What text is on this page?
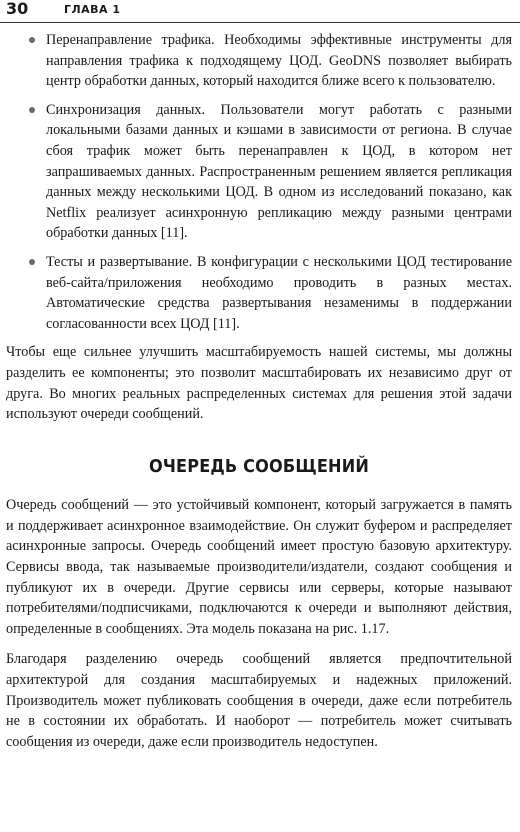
30	ГЛАВА 1
Перенаправление трафика. Необходимы эффективные инструменты для направления трафика к подходящему ЦОД. GeoDNS позволяет выбирать центр обработки данных, который находится ближе всего к пользователю.
Синхронизация данных. Пользователи могут работать с разными локальными базами данных и кэшами в зависимости от региона. В случае сбоя трафик может быть перенаправлен к ЦОД, в котором нет запрашиваемых данных. Распространенным решением является репликация данных между несколькими ЦОД. В одном из исследований показано, как Netflix реализует асинхронную репликацию между разными центрами обработки данных [11].
Тесты и развертывание. В конфигурации с несколькими ЦОД тестирование веб-сайта/приложения необходимо проводить в разных местах. Автоматические средства развертывания незаменимы в поддержании согласованности всех ЦОД [11].

Чтобы еще сильнее улучшить масштабируемость нашей системы, мы должны разделить ее компоненты; это позволит масштабировать их независимо друг от друга. Во многих реальных распределенных системах для решения этой задачи используют очереди сообщений.

ОЧЕРЕДЬ СООБЩЕНИЙ

Очередь сообщений — это устойчивый компонент, который загружается в память и поддерживает асинхронное взаимодействие. Он служит буфером и распределяет асинхронные запросы. Очередь сообщений имеет простую базовую архитектуру. Сервисы ввода, так называемые производители/издатели, создают сообщения и публикуют их в очереди. Другие сервисы или серверы, которые называют потребителями/подписчиками, подключаются к очереди и выполняют действия, определенные в сообщениях. Эта модель показана на рис. 1.17.

Благодаря разделению очередь сообщений является предпочтительной архитектурой для создания масштабируемых и надежных приложений. Производитель может публиковать сообщения в очереди, даже если потребитель не в состоянии их обработать. И наоборот — потребитель может считывать сообщения из очереди, даже если производитель недоступен.
